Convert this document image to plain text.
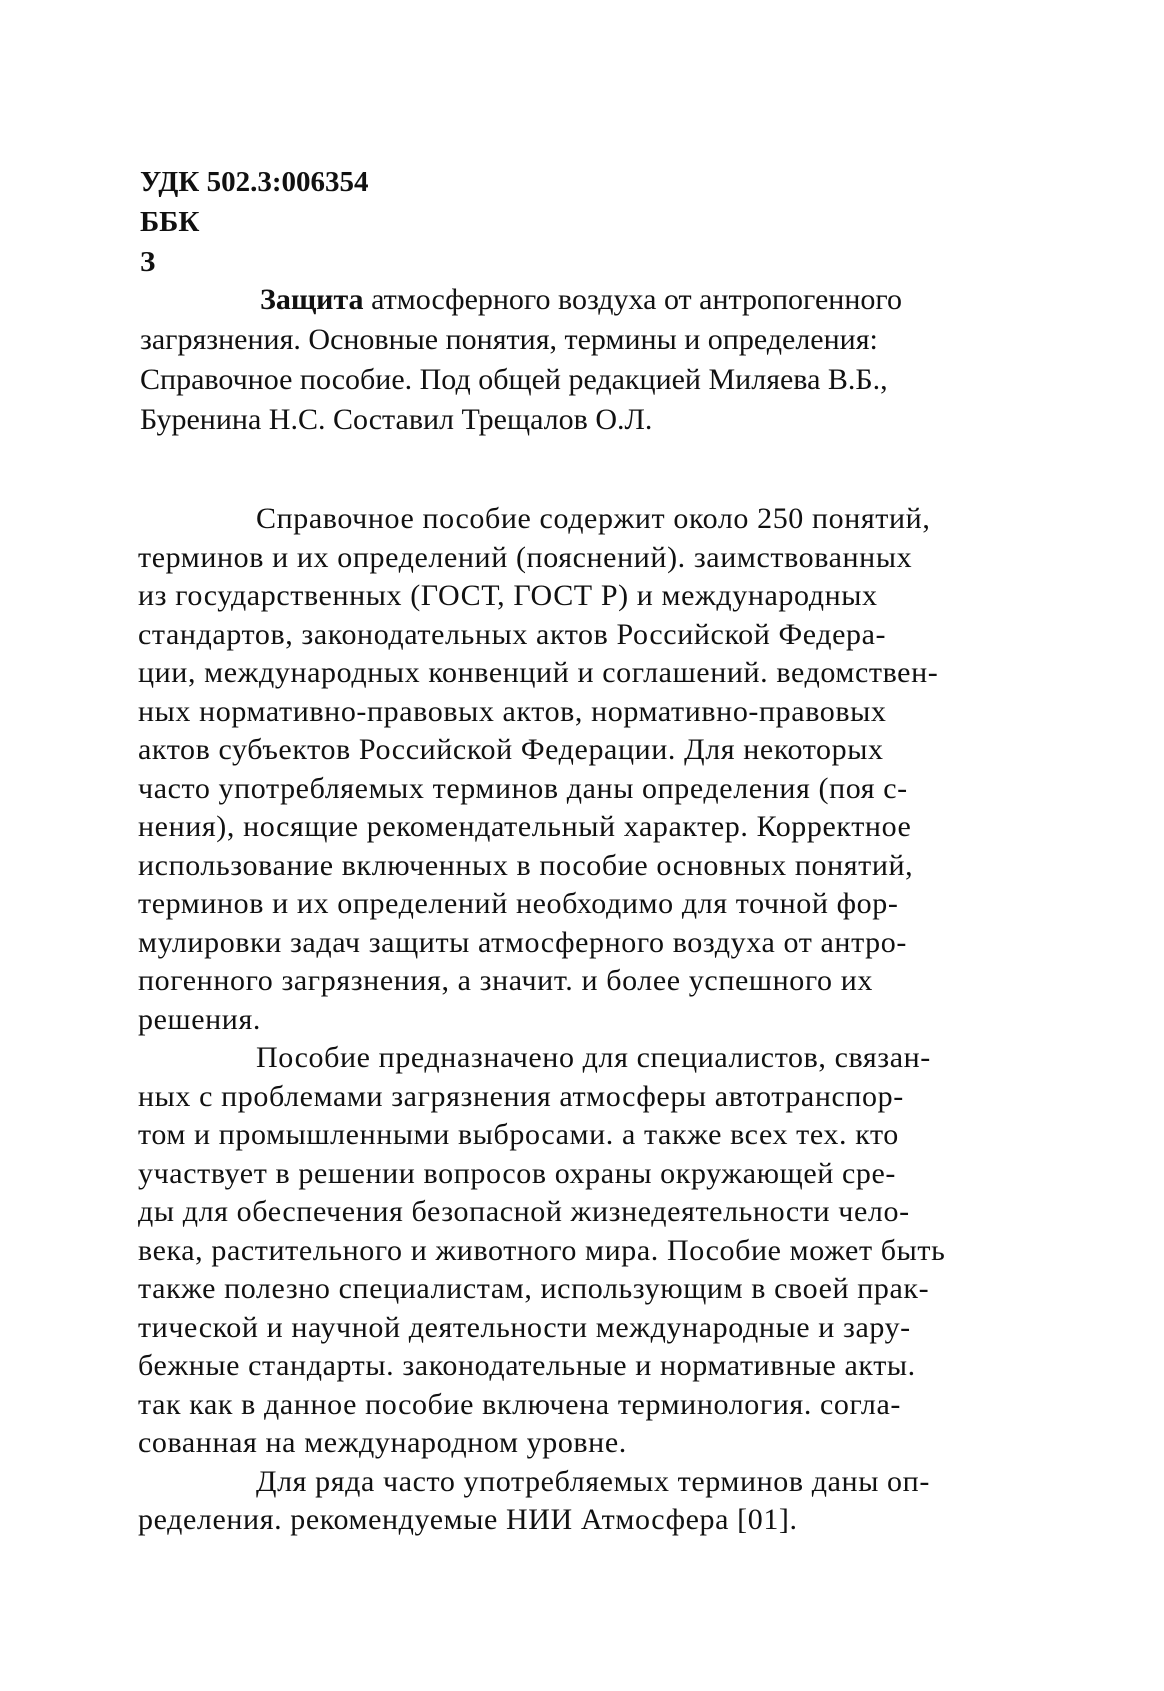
УДК 502.3:006354
ББК
З
Защита атмосферного воздуха от антропогенного
загрязнения. Основные понятия, термины и определения:
Справочное пособие. Под общей редакцией Миляева В.Б.,
Буренина Н.С. Составил Трещалов О.Л.
Справочное пособие содержит около 250 понятий,
терминов и их определений (пояснений). заимствованных
из государственных (ГОСТ, ГОСТ Р) и международных
стандартов, законодательных актов Российской Федера-
ции, международных конвенций и соглашений. ведомствен-
ных нормативно-правовых актов, нормативно-правовых
актов субъектов Российской Федерации. Для некоторых
часто употребляемых терминов даны определения (поя с-
нения), носящие рекомендательный характер. Корректное
использование включенных в пособие основных понятий,
терминов и их определений необходимо для точной фор-
мулировки задач защиты атмосферного воздуха от антро-
погенного загрязнения, а значит. и более успешного их
решения.
Пособие предназначено для специалистов, связан-
ных с проблемами загрязнения атмосферы автотранспор-
том и промышленными выбросами. а также всех тех. кто
участвует в решении вопросов охраны окружающей сре-
ды для обеспечения безопасной жизнедеятельности чело-
века, растительного и животного мира. Пособие может быть
также полезно специалистам, использующим в своей прак-
тической и научной деятельности международные и зару-
бежные стандарты. законодательные и нормативные акты.
так как в данное пособие включена терминология. согла-
сованная на международном уровне.
Для ряда часто употребляемых терминов даны оп-
ределения. рекомендуемые НИИ Атмосфера [01].
